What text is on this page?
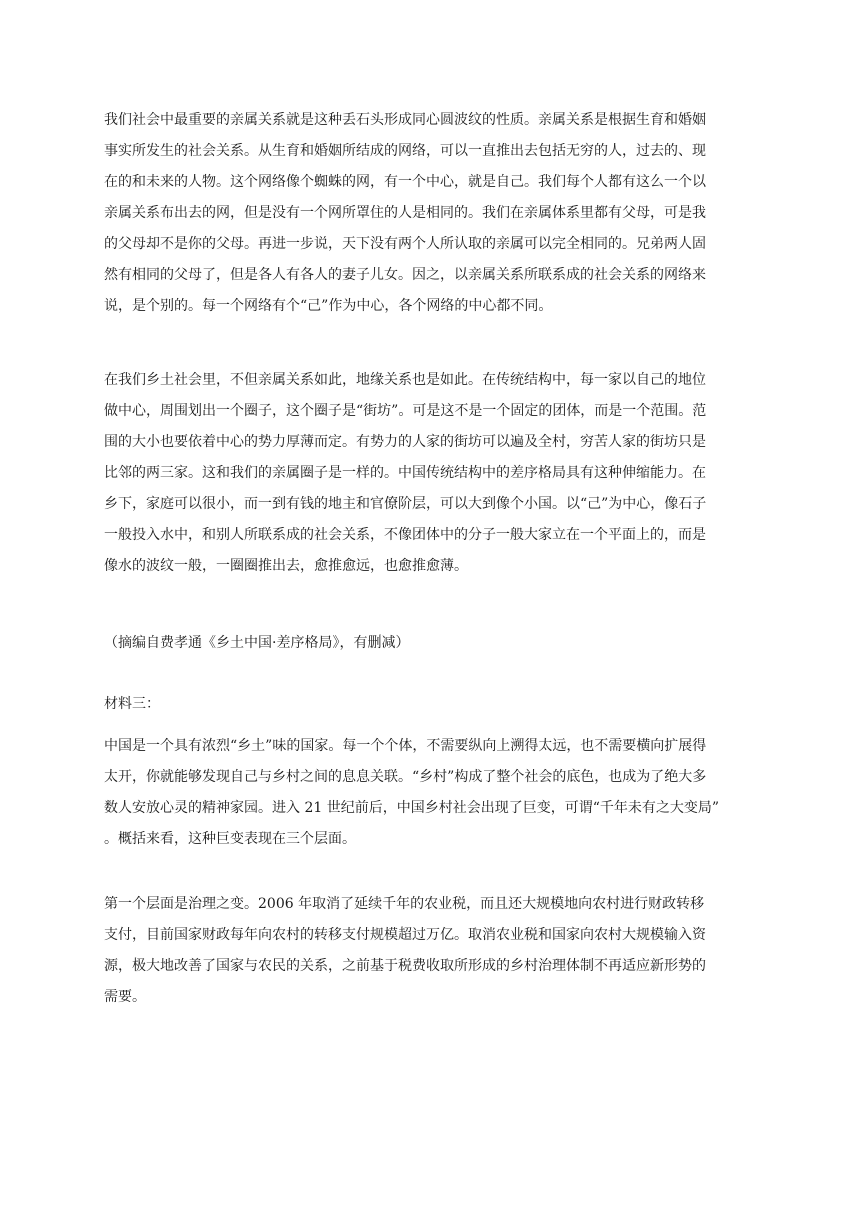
我们社会中最重要的亲属关系就是这种丢石头形成同心圆波纹的性质。亲属关系是根据生育和婚姻
事实所发生的社会关系。从生育和婚姻所结成的网络，可以一直推出去包括无穷的人，过去的、现
在的和未来的人物。这个网络像个蜘蛛的网，有一个中心，就是自己。我们每个人都有这么一个以
亲属关系布出去的网，但是没有一个网所罩住的人是相同的。我们在亲属体系里都有父母，可是我
的父母却不是你的父母。再进一步说，天下没有两个人所认取的亲属可以完全相同的。兄弟两人固
然有相同的父母了，但是各人有各人的妻子儿女。因之，以亲属关系所联系成的社会关系的网络来
说，是个别的。每一个网络有个“己”作为中心，各个网络的中心都不同。
在我们乡土社会里，不但亲属关系如此，地缘关系也是如此。在传统结构中，每一家以自己的地位
做中心，周围划出一个圈子，这个圈子是“街坊”。可是这不是一个固定的团体，而是一个范围。范
围的大小也要依着中心的势力厚薄而定。有势力的人家的街坊可以遍及全村，穷苦人家的街坊只是
比邻的两三家。这和我们的亲属圈子是一样的。中国传统结构中的差序格局具有这种伸缩能力。在
乡下，家庭可以很小，而一到有钱的地主和官僚阶层，可以大到像个小国。以“己”为中心，像石子
一般投入水中，和别人所联系成的社会关系，不像团体中的分子一般大家立在一个平面上的，而是
像水的波纹一般，一圈圈推出去，愈推愈远，也愈推愈薄。
（摘编自费孝通《乡土中国·差序格局》，有删减）
材料三：
中国是一个具有浓烈“乡土”味的国家。每一个个体，不需要纵向上溯得太远，也不需要横向扩展得
太开，你就能够发现自己与乡村之间的息息关联。“乡村”构成了整个社会的底色，也成为了绝大多
数人安放心灵的精神家园。进入 21 世纪前后，中国乡村社会出现了巨变，可谓“千年未有之大变局”
。概括来看，这种巨变表现在三个层面。
第一个层面是治理之变。2006 年取消了延续千年的农业税，而且还大规模地向农村进行财政转移
支付，目前国家财政每年向农村的转移支付规模超过万亿。取消农业税和国家向农村大规模输入资
源，极大地改善了国家与农民的关系，之前基于税费收取所形成的乡村治理体制不再适应新形势的
需要。
